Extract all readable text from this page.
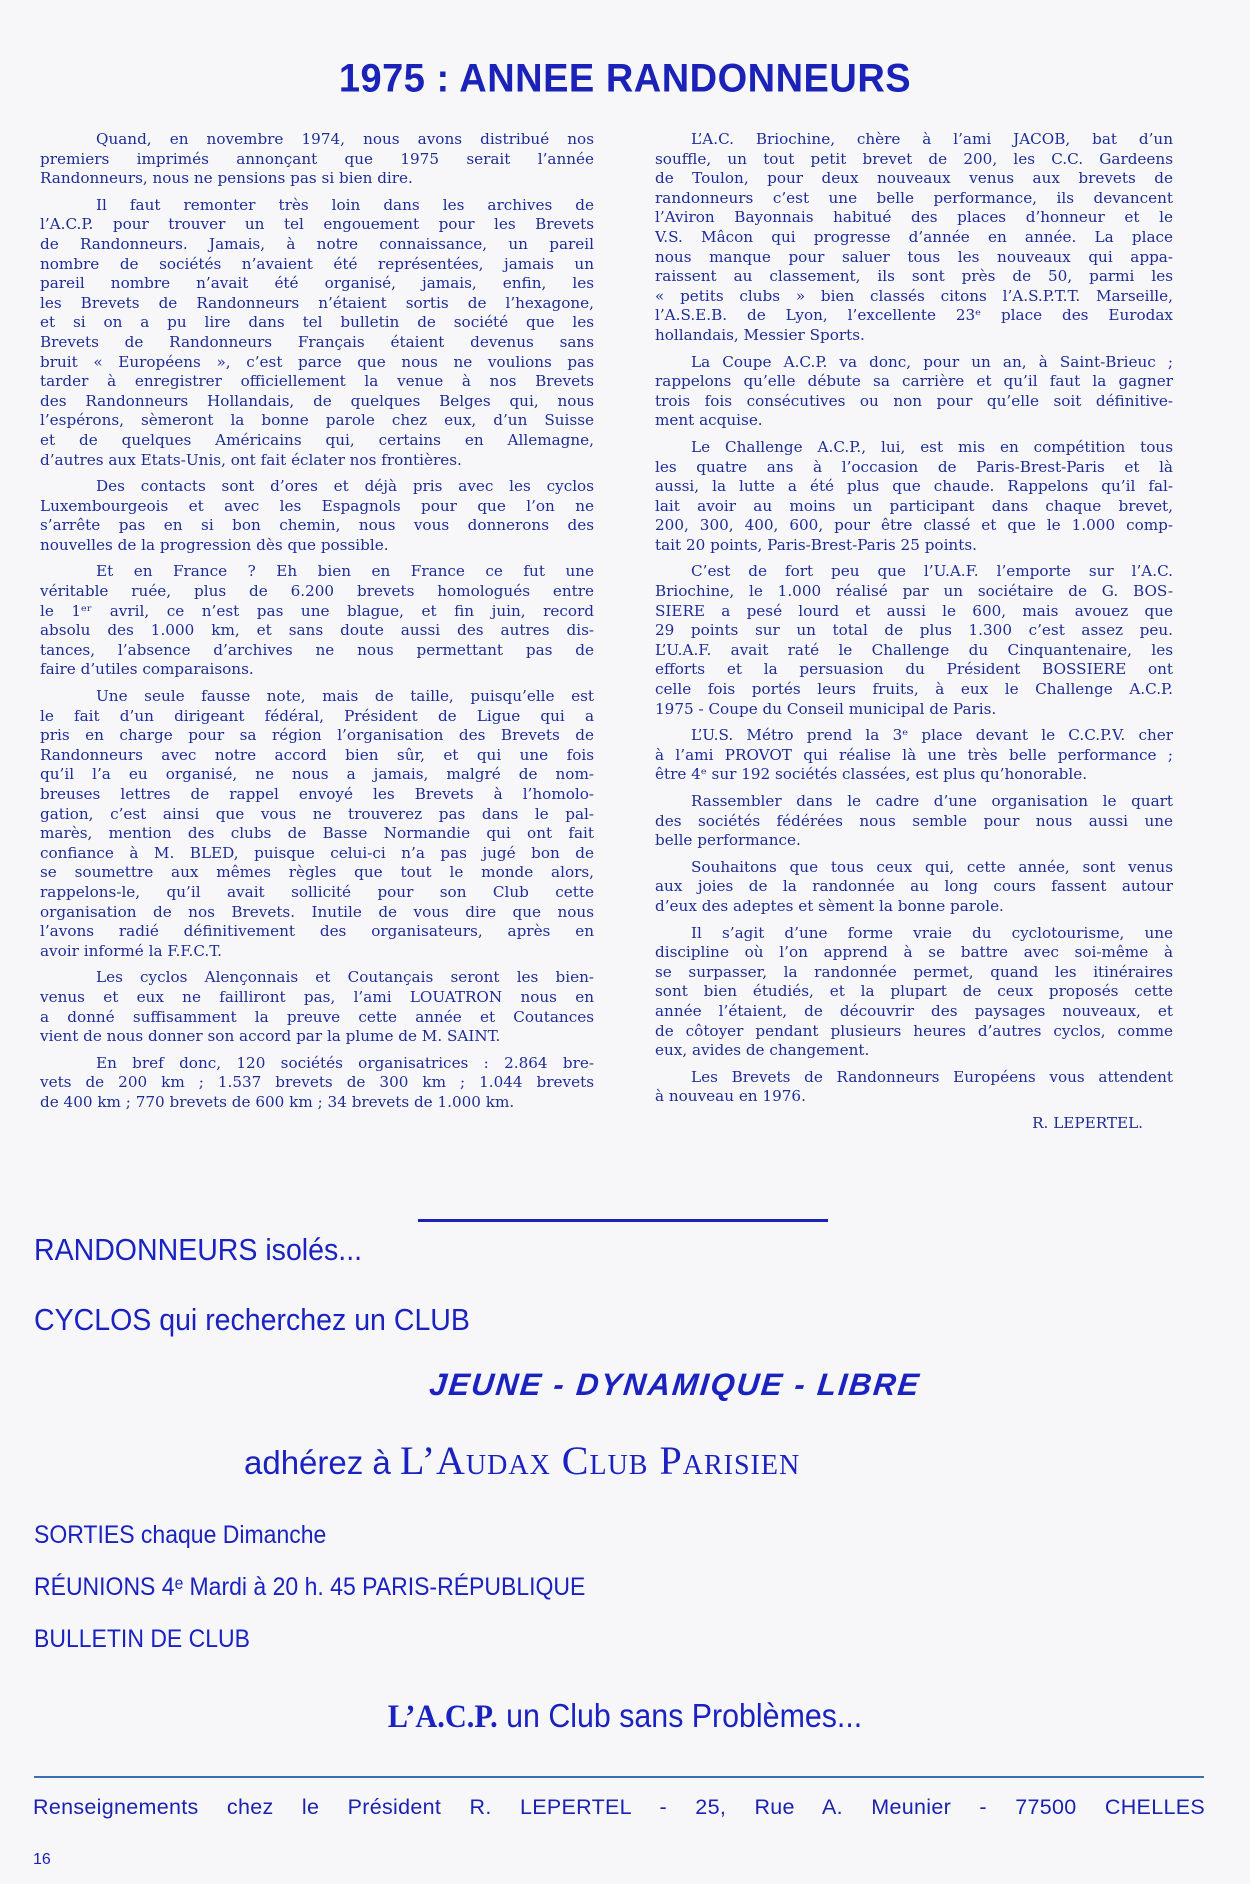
1975 : ANNEE RANDONNEURS
Quand, en novembre 1974, nous avons distribué nos
premiers imprimés annonçant que 1975 serait l’année
Randonneurs, nous ne pensions pas si bien dire.
Il faut remonter très loin dans les archives de
l’A.C.P. pour trouver un tel engouement pour les Brevets
de Randonneurs. Jamais, à notre connaissance, un pareil
nombre de sociétés n’avaient été représentées, jamais un
pareil nombre n’avait été organisé, jamais, enfin, les
les Brevets de Randonneurs n’étaient sortis de l’hexagone,
et si on a pu lire dans tel bulletin de société que les
Brevets de Randonneurs Français étaient devenus sans
bruit « Européens », c’est parce que nous ne voulions pas
tarder à enregistrer officiellement la venue à nos Brevets
des Randonneurs Hollandais, de quelques Belges qui, nous
l’espérons, sèmeront la bonne parole chez eux, d’un Suisse
et de quelques Américains qui, certains en Allemagne,
d’autres aux Etats-Unis, ont fait éclater nos frontières.
Des contacts sont d’ores et déjà pris avec les cyclos
Luxembourgeois et avec les Espagnols pour que l’on ne
s’arrête pas en si bon chemin, nous vous donnerons des
nouvelles de la progression dès que possible.
Et en France ? Eh bien en France ce fut une
véritable ruée, plus de 6.200 brevets homologués entre
le 1ᵉʳ avril, ce n’est pas une blague, et fin juin, record
absolu des 1.000 km, et sans doute aussi des autres dis-
tances, l’absence d’archives ne nous permettant pas de
faire d’utiles comparaisons.
Une seule fausse note, mais de taille, puisqu’elle est
le fait d’un dirigeant fédéral, Président de Ligue qui a
pris en charge pour sa région l’organisation des Brevets de
Randonneurs avec notre accord bien sûr, et qui une fois
qu’il l’a eu organisé, ne nous a jamais, malgré de nom-
breuses lettres de rappel envoyé les Brevets à l’homolo-
gation, c’est ainsi que vous ne trouverez pas dans le pal-
marès, mention des clubs de Basse Normandie qui ont fait
confiance à M. BLED, puisque celui-ci n’a pas jugé bon de
se soumettre aux mêmes règles que tout le monde alors,
rappelons-le, qu’il avait sollicité pour son Club cette
organisation de nos Brevets. Inutile de vous dire que nous
l’avons radié définitivement des organisateurs, après en
avoir informé la F.F.C.T.
Les cyclos Alençonnais et Coutançais seront les bien-
venus et eux ne failliront pas, l’ami LOUATRON nous en
a donné suffisamment la preuve cette année et Coutances
vient de nous donner son accord par la plume de M. SAINT.
En bref donc, 120 sociétés organisatrices : 2.864 bre-
vets de 200 km ; 1.537 brevets de 300 km ; 1.044 brevets
de 400 km ; 770 brevets de 600 km ; 34 brevets de 1.000 km.
L’A.C. Briochine, chère à l’ami JACOB, bat d’un
souffle, un tout petit brevet de 200, les C.C. Gardeens
de Toulon, pour deux nouveaux venus aux brevets de
randonneurs c’est une belle performance, ils devancent
l’Aviron Bayonnais habitué des places d’honneur et le
V.S. Mâcon qui progresse d’année en année. La place
nous manque pour saluer tous les nouveaux qui appa-
raissent au classement, ils sont près de 50, parmi les
« petits clubs » bien classés citons l’A.S.P.T.T. Marseille,
l’A.S.E.B. de Lyon, l’excellente 23ᵉ place des Eurodax
hollandais, Messier Sports.
La Coupe A.C.P. va donc, pour un an, à Saint-Brieuc ;
rappelons qu’elle débute sa carrière et qu’il faut la gagner
trois fois consécutives ou non pour qu’elle soit définitive-
ment acquise.
Le Challenge A.C.P., lui, est mis en compétition tous
les quatre ans à l’occasion de Paris-Brest-Paris et là
aussi, la lutte a été plus que chaude. Rappelons qu’il fal-
lait avoir au moins un participant dans chaque brevet,
200, 300, 400, 600, pour être classé et que le 1.000 comp-
tait 20 points, Paris-Brest-Paris 25 points.
C’est de fort peu que l’U.A.F. l’emporte sur l’A.C.
Briochine, le 1.000 réalisé par un sociétaire de G. BOS-
SIERE a pesé lourd et aussi le 600, mais avouez que
29 points sur un total de plus 1.300 c’est assez peu.
L’U.A.F. avait raté le Challenge du Cinquantenaire, les
efforts et la persuasion du Président BOSSIERE ont
celle fois portés leurs fruits, à eux le Challenge A.C.P.
1975 - Coupe du Conseil municipal de Paris.
L’U.S. Métro prend la 3ᵉ place devant le C.C.P.V. cher
à l’ami PROVOT qui réalise là une très belle performance ;
être 4ᵉ sur 192 sociétés classées, est plus qu’honorable.
Rassembler dans le cadre d’une organisation le quart
des sociétés fédérées nous semble pour nous aussi une
belle performance.
Souhaitons que tous ceux qui, cette année, sont venus
aux joies de la randonnée au long cours fassent autour
d’eux des adeptes et sèment la bonne parole.
Il s’agit d’une forme vraie du cyclotourisme, une
discipline où l’on apprend à se battre avec soi-même à
se surpasser, la randonnée permet, quand les itinéraires
sont bien étudiés, et la plupart de ceux proposés cette
année l’étaient, de découvrir des paysages nouveaux, et
de côtoyer pendant plusieurs heures d’autres cyclos, comme
eux, avides de changement.
Les Brevets de Randonneurs Européens vous attendent
à nouveau en 1976.
R. LEPERTEL.
RANDONNEURS isolés...
CYCLOS qui recherchez un CLUB
JEUNE - DYNAMIQUE - LIBRE
adhérez à L’Audax Club Parisien
SORTIES chaque Dimanche
RÉUNIONS 4ᵉ Mardi à 20 h. 45 PARIS-RÉPUBLIQUE
BULLETIN DE CLUB
L’A.C.P. un Club sans Problèmes...
Renseignements chez le Président R. LEPERTEL - 25, Rue A. Meunier - 77500 CHELLES
16
